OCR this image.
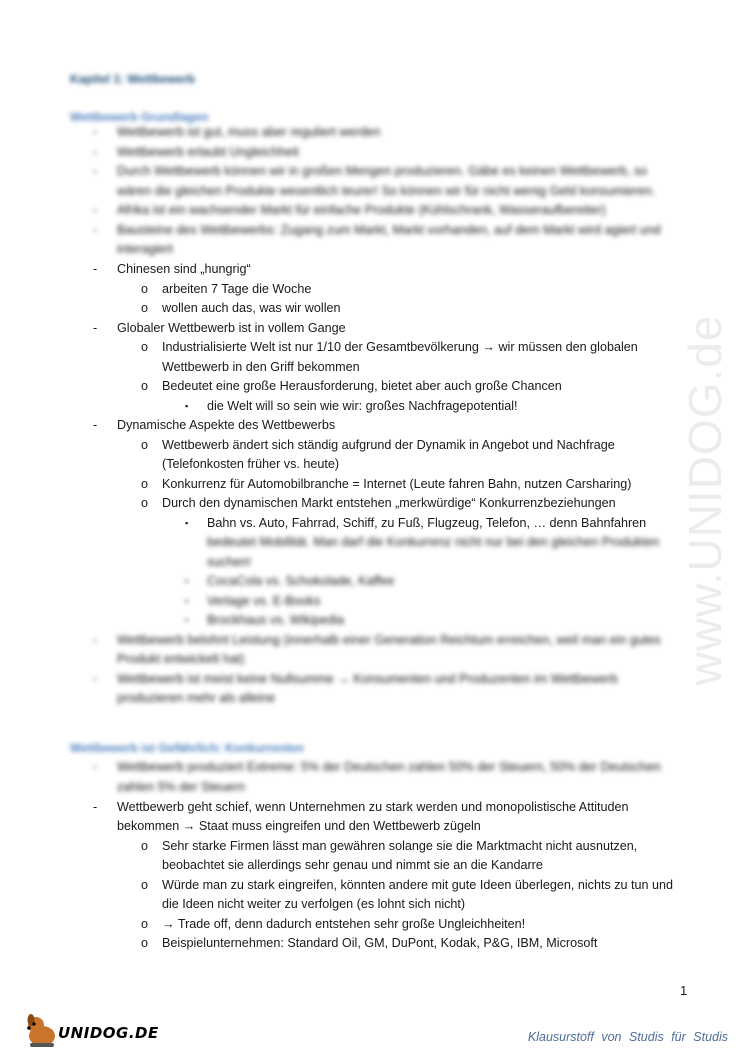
Kapitel 1: Wettbewerb
Wettbewerb Grundlagen
Wettbewerb ist Gefährlich: Konkurrenten
- Wettbewerb ist gut, muss aber reguliert werden
- Wettbewerb erlaubt Ungleichheit
- Durch Wettbewerb können wir in großen Mengen produzieren. Gäbe es keinen Wettbewerb, so
wären die gleichen Produkte wesentlich teurer! So können wir für nicht wenig Geld konsumieren.
- Afrika ist ein wachsender Markt für einfache Produkte (Kühlschrank, Wasseraufbereiter)
- Bausteine des Wettbewerbs: Zugang zum Markt, Markt vorhanden, auf dem Markt wird agiert und
interagiert
- Chinesen sind „hungrig“
o arbeiten 7 Tage die Woche
o wollen auch das, was wir wollen
- Globaler Wettbewerb ist in vollem Gange
o Industrialisierte Welt ist nur 1/10 der Gesamtbevölkerung → wir müssen den globalen
Wettbewerb in den Griff bekommen
o Bedeutet eine große Herausforderung, bietet aber auch große Chancen
▪ die Welt will so sein wie wir: großes Nachfragepotential!
- Dynamische Aspekte des Wettbewerbs
o Wettbewerb ändert sich ständig aufgrund der Dynamik in Angebot und Nachfrage
(Telefonkosten früher vs. heute)
o Konkurrenz für Automobilbranche = Internet (Leute fahren Bahn, nutzen Carsharing)
o Durch den dynamischen Markt entstehen „merkwürdige“ Konkurrenzbeziehungen
▪ Bahn vs. Auto, Fahrrad, Schiff, zu Fuß, Flugzeug, Telefon, … denn Bahnfahren
bedeutet Mobilität. Man darf die Konkurrenz nicht nur bei den gleichen Produkten
suchen!
▪ CocaCola vs. Schokolade, Kaffee
▪ Verlage vs. E-Books
▪ Brockhaus vs. Wikipedia
- Wettbewerb belohnt Leistung (innerhalb einer Generation Reichtum erreichen, weil man ein gutes
Produkt entwickelt hat)
- Wettbewerb ist meist keine Nullsumme → Konsumenten und Produzenten im Wettbewerb
produzieren mehr als alleine
- Wettbewerb produziert Extreme: 5% der Deutschen zahlen 50% der Steuern, 50% der Deutschen
zahlen 5% der Steuern
- Wettbewerb geht schief, wenn Unternehmen zu stark werden und monopolistische Attituden
bekommen → Staat muss eingreifen und den Wettbewerb zügeln
o Sehr starke Firmen lässt man gewähren solange sie die Marktmacht nicht ausnutzen,
beobachtet sie allerdings sehr genau und nimmt sie an die Kandarre
o Würde man zu stark eingreifen, könnten andere mit gute Ideen überlegen, nichts zu tun und
die Ideen nicht weiter zu verfolgen (es lohnt sich nicht)
o → Trade off, denn dadurch entstehen sehr große Ungleichheiten!
o Beispielunternehmen: Standard Oil, GM, DuPont, Kodak, P&G, IBM, Microsoft
www.UNIDOG.de
1
UNIDOG.DE	Klausurstoff von Studis für Studis
